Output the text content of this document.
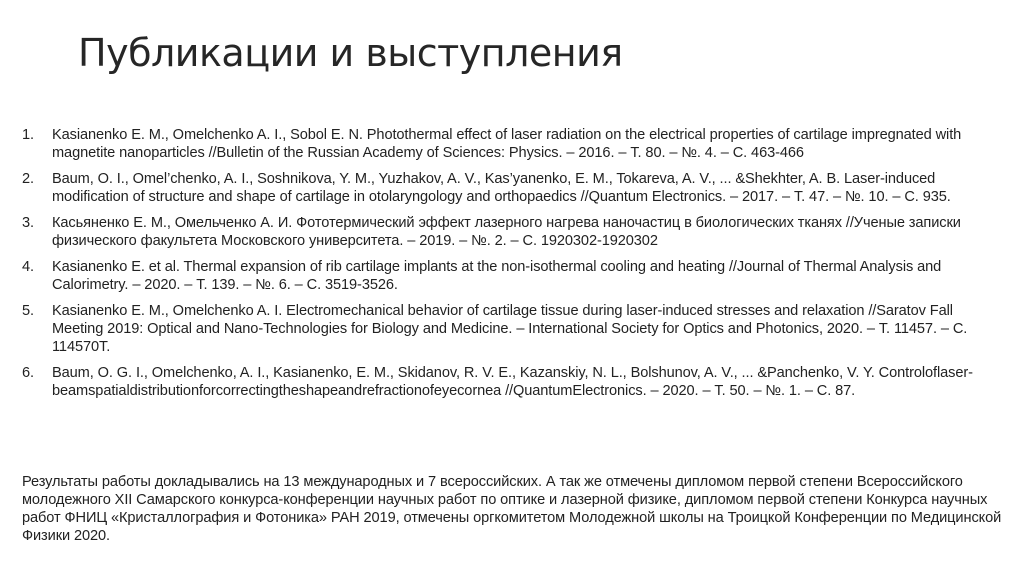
Публикации и выступления
1.	Kasianenko E. M., Omelchenko A. I., Sobol E. N. Photothermal effect of laser radiation on the electrical properties of cartilage impregnated with magnetite nanoparticles //Bulletin of the Russian Academy of Sciences: Physics. – 2016. – Т. 80. – №. 4. – С. 463-466
2.	Baum, O. I., Omel’chenko, A. I., Soshnikova, Y. M., Yuzhakov, A. V., Kas’yanenko, E. M., Tokareva, A. V., ... &Shekhter, A. B. Laser-induced modification of structure and shape of cartilage in otolaryngology and orthopaedics //Quantum Electronics. – 2017. – Т. 47. – №. 10. – С. 935.
3.	Касьяненко Е. М., Омельченко А. И. Фототермический эффект лазерного нагрева наночастиц в биологических тканях //Ученые записки физического факультета Московского университета. – 2019. – №. 2. – С. 1920302-1920302
4.	Kasianenko E. et al. Thermal expansion of rib cartilage implants at the non-isothermal cooling and heating //Journal of Thermal Analysis and Calorimetry. – 2020. – Т. 139. – №. 6. – С. 3519-3526.
5.	Kasianenko E. M., Omelchenko A. I. Electromechanical behavior of cartilage tissue during laser-induced stresses and relaxation //Saratov Fall Meeting 2019: Optical and Nano-Technologies for Biology and Medicine. – International Society for Optics and Photonics, 2020. – Т. 11457. – С. 114570Т.
6.	Baum, O. G. I., Omelchenko, A. I., Kasianenko, E. M., Skidanov, R. V. E., Kazanskiy, N. L., Bolshunov, A. V., ... &Panchenko, V. Y. Controloflaser-beamspatialdistributionforcorrectingtheshapeandrefractionofeyecornea //QuantumElectronics. – 2020. – Т. 50. – №. 1. – С. 87.

Результаты работы докладывались на 13 международных и 7 всероссийских. А так же отмечены дипломом первой степени Всероссийского молодежного XII Самарского конкурса-конференции научных работ по оптике и лазерной физике, дипломом первой степени Конкурса научных работ ФНИЦ «Кристаллография и Фотоника» РАН 2019, отмечены оргкомитетом Молодежной школы на Троицкой Конференции по Медицинской Физики 2020.
